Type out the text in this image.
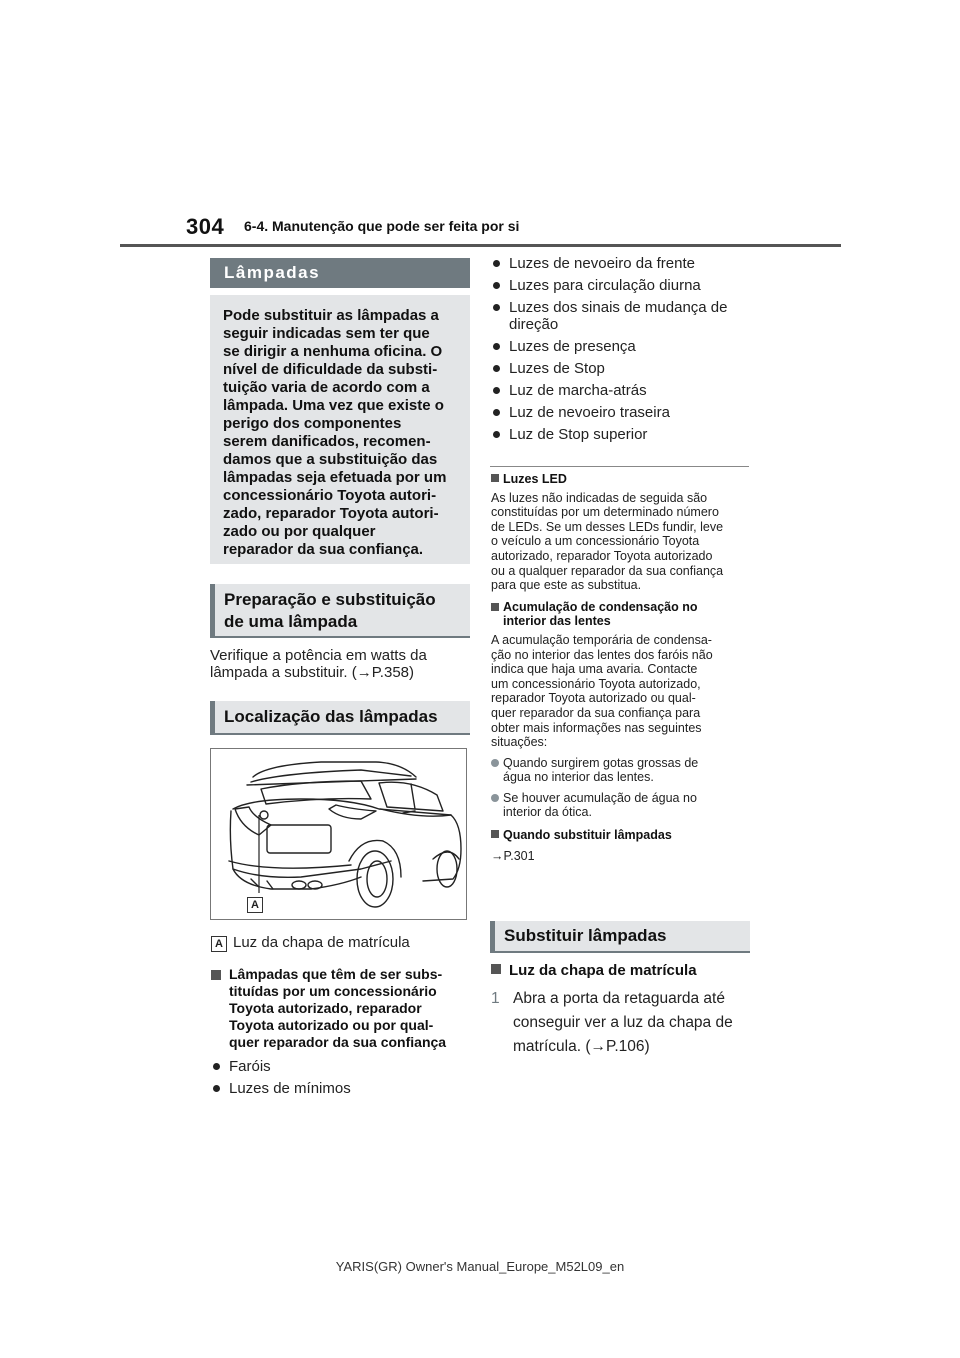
304 6-4. Manutenção que pode ser feita por si
Lâmpadas
Pode substituir as lâmpadas a
seguir indicadas sem ter que
se dirigir a nenhuma oficina. O
nível de dificuldade da substi-
tuição varia de acordo com a
lâmpada. Uma vez que existe o
perigo dos componentes
serem danificados, recomen-
damos que a substituição das
lâmpadas seja efetuada por um
concessionário Toyota autori-
zado, reparador Toyota autori-
zado ou por qualquer
reparador da sua confiança.
Preparação e substituição
de uma lâmpada
Verifique a potência em watts da
lâmpada a substituir. (→P.358)
Localização das lâmpadas
A
A Luz da chapa de matrícula
Lâmpadas que têm de ser subs-
tituídas por um concessionário
Toyota autorizado, reparador
Toyota autorizado ou por qual-
quer reparador da sua confiança
Faróis
Luzes de mínimos
Luzes de nevoeiro da frente
Luzes para circulação diurna
Luzes dos sinais de mudança de
direção
Luzes de presença
Luzes de Stop
Luz de marcha-atrás
Luz de nevoeiro traseira
Luz de Stop superior
Luzes LED
As luzes não indicadas de seguida são
constituídas por um determinado número
de LEDs. Se um desses LEDs fundir, leve
o veículo a um concessionário Toyota
autorizado, reparador Toyota autorizado
ou a qualquer reparador da sua confiança
para que este as substitua.
Acumulação de condensação no
interior das lentes
A acumulação temporária de condensa-
ção no interior das lentes dos faróis não
indica que haja uma avaria. Contacte
um concessionário Toyota autorizado,
reparador Toyota autorizado ou qual-
quer reparador da sua confiança para
obter mais informações nas seguintes
situações:
Quando surgirem gotas grossas de
água no interior das lentes.
Se houver acumulação de água no
interior da ótica.
Quando substituir lâmpadas
→P.301
Substituir lâmpadas
Luz da chapa de matrícula
1 Abra a porta da retaguarda até
conseguir ver a luz da chapa de
matrícula. (→P.106)
YARIS(GR) Owner's Manual_Europe_M52L09_en
